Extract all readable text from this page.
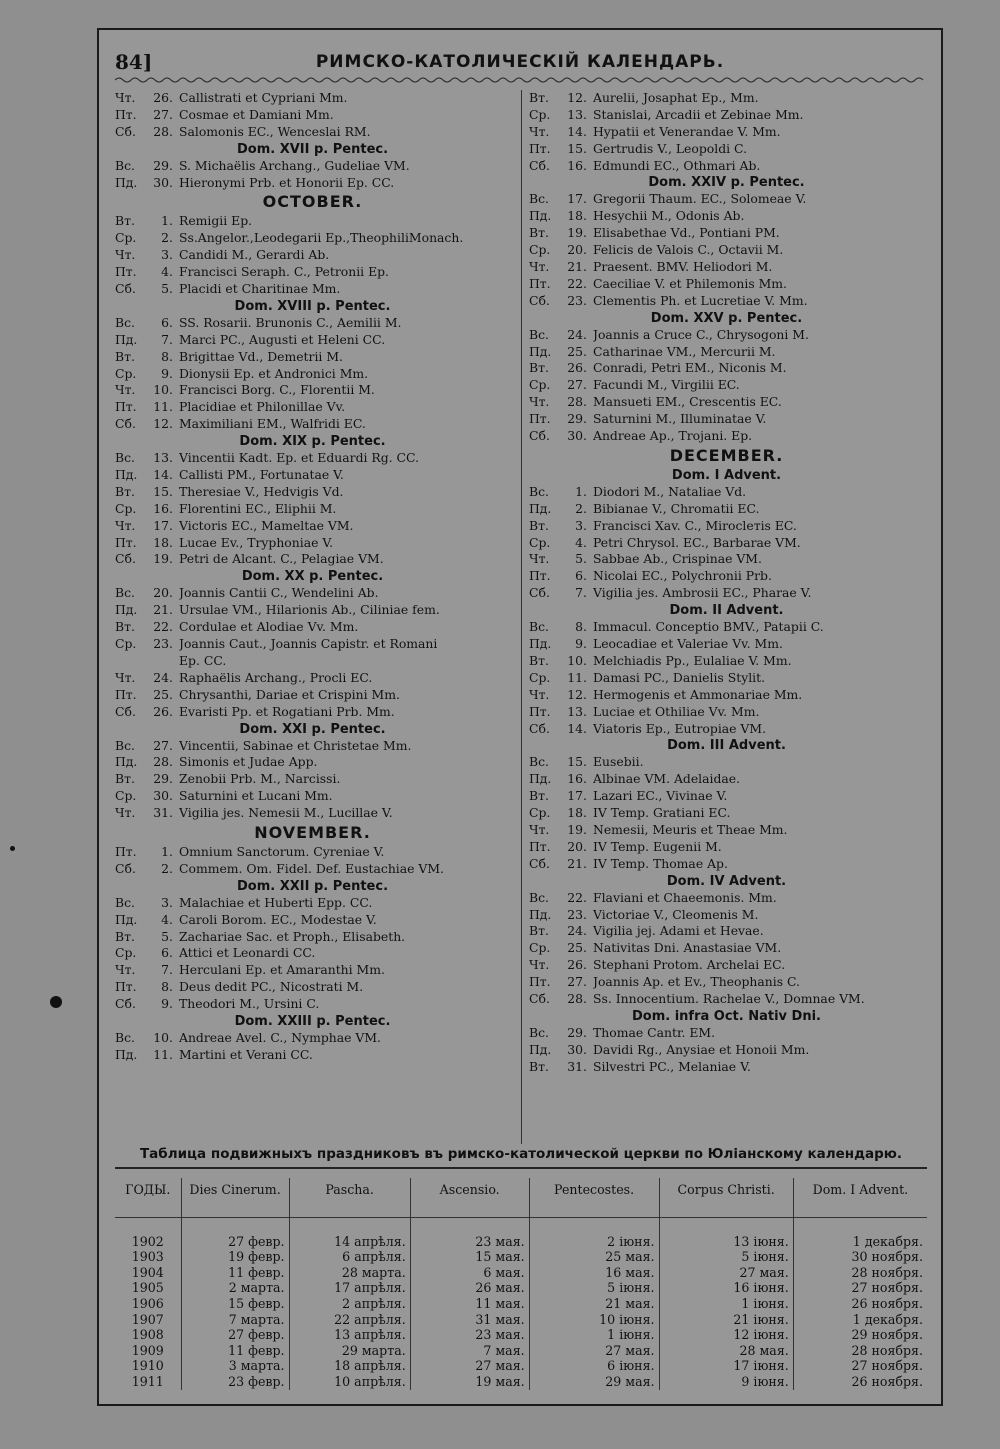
84]	РИМСКО-КАТОЛИЧЕСКІЙ КАЛЕНДАРЬ.
Чт.	26. Callistrati et Cypriani Mm.
Пт.	27. Cosmae et Damiani Mm.
Сб.	28. Salomonis EC., Wenceslai RM.
Dom. XVII p. Pentec.
Вс.	29. S. Michaëlis Archang., Gudeliae VM.
Пд.	30. Hieronymi Prb. et Honorii Ep. CC.
OCTOBER.
Вт.	1. Remigii Ep.
Ср.	2. Ss.Angelor.,Leodegarii Ep.,TheophiliMonach.
Чт.	3. Candidi M., Gerardi Ab.
Пт.	4. Francisci Seraph. C., Petronii Ep.
Сб.	5. Placidi et Charitinae Mm.
Dom. XVIII p. Pentec.
Вс.	6. SS. Rosarii. Brunonis C., Aemilii M.
Пд.	7. Marci PC., Augusti et Heleni CC.
Вт.	8. Brigittae Vd., Demetrii M.
Ср.	9. Dionysii Ep. et Andronici Mm.
Чт.	10. Francisci Borg. C., Florentii M.
Пт.	11. Placidiae et Philonillae Vv.
Сб.	12. Maximiliani EM., Walfridi EC.
Dom. XIX p. Pentec.
Вс.	13. Vincentii Kadt. Ep. et Eduardi Rg. CC.
Пд.	14. Callisti PM., Fortunatae V.
Вт.	15. Theresiae V., Hedvigis Vd.
Ср.	16. Florentini EC., Eliphii M.
Чт.	17. Victoris EC., Mameltae VM.
Пт.	18. Lucae Ev., Tryphoniae V.
Сб.	19. Petri de Alcant. C., Pelagiae VM.
Dom. XX p. Pentec.
Вс.	20. Joannis Cantii C., Wendelini Ab.
Пд.	21. Ursulae VM., Hilarionis Ab., Ciliniae fem.
Вт.	22. Cordulae et Alodiae Vv. Mm.
Ср.	23. Joannis Caut., Joannis Capistr. et Romani
Ep. CC.
Чт.	24. Raphaëlis Archang., Procli EC.
Пт.	25. Chrysanthi, Dariae et Crispini Mm.
Сб.	26. Evaristi Pp. et Rogatiani Prb. Mm.
Dom. XXI p. Pentec.
Вс.	27. Vincentii, Sabinae et Christetae Mm.
Пд.	28. Simonis et Judae App.
Вт.	29. Zenobii Prb. M., Narcissi.
Ср.	30. Saturnini et Lucani Mm.
Чт.	31. Vigilia jes. Nemesii M., Lucillae V.
NOVEMBER.
Пт.	1. Omnium Sanctorum. Cyreniae V.
Сб.	2. Commem. Om. Fidel. Def. Eustachiae VM.
Dom. XXII p. Pentec.
Вс.	3. Malachiae et Huberti Epp. CC.
Пд.	4. Caroli Borom. EC., Modestae V.
Вт.	5. Zachariae Sac. et Proph., Elisabeth.
Ср.	6. Attici et Leonardi CC.
Чт.	7. Herculani Ep. et Amaranthi Mm.
Пт.	8. Deus dedit PC., Nicostrati M.
Сб.	9. Theodori M., Ursini C.
Dom. XXIII p. Pentec.
Вс.	10. Andreae Avel. C., Nymphae VM.
Пд.	11. Martini et Verani CC.
Вт.	12. Aurelii, Josaphat Ep., Mm.
Ср.	13. Stanislai, Arcadii et Zebinae Mm.
Чт.	14. Hypatii et Venerandae V. Mm.
Пт.	15. Gertrudis V., Leopoldi C.
Сб.	16. Edmundi EC., Othmari Ab.
Dom. XXIV p. Pentec.
Вс.	17. Gregorii Thaum. EC., Solomeae V.
Пд.	18. Hesychii M., Odonis Ab.
Вт.	19. Elisabethae Vd., Pontiani PM.
Ср.	20. Felicis de Valois C., Octavii M.
Чт.	21. Praesent. BMV. Heliodori M.
Пт.	22. Caeciliae V. et Philemonis Mm.
Сб.	23. Clementis Ph. et Lucretiae V. Mm.
Dom. XXV p. Pentec.
Вс.	24. Joannis a Cruce C., Chrysogoni M.
Пд.	25. Catharinae VM., Mercurii M.
Вт.	26. Conradi, Petri EM., Niconis M.
Ср.	27. Facundi M., Virgilii EC.
Чт.	28. Mansueti EM., Crescentis EC.
Пт.	29. Saturnini M., Illuminatae V.
Сб.	30. Andreae Ap., Trojani. Ep.
DECEMBER.
Dom. I Advent.
Вс.	1. Diodori M., Nataliae Vd.
Пд.	2. Bibianae V., Chromatii EC.
Вт.	3. Francisci Xav. C., Miroclетis EC.
Ср.	4. Petri Chrysol. EC., Barbarae VM.
Чт.	5. Sabbae Ab., Crispinae VM.
Пт.	6. Nicolai EC., Polychronii Prb.
Сб.	7. Vigilia jes. Ambrosii EC., Pharae V.
Dom. II Advent.
Вс.	8. Immacul. Conceptio BMV., Patapii C.
Пд.	9. Leocadiae et Valeriae Vv. Mm.
Вт.	10. Melchiadis Pp., Eulaliae V. Mm.
Ср.	11. Damasi PC., Danielis Stylit.
Чт.	12. Hermogenis et Ammonariae Mm.
Пт.	13. Luciae et Othiliae Vv. Mm.
Сб.	14. Viatoris Ep., Eutropiae VM.
Dom. III Advent.
Вс.	15. Eusebii.
Пд.	16. Albinae VM. Adelaidae.
Вт.	17. Lazari EC., Vivinae V.
Ср.	18. IV Temp. Gratiani EC.
Чт.	19. Nemesii, Meuris et Theae Mm.
Пт.	20. IV Temp. Eugenii M.
Сб.	21. IV Temp. Thomae Ap.
Dom. IV Advent.
Вс.	22. Flaviani et Chaeemonis. Mm.
Пд.	23. Victoriae V., Cleomenis M.
Вт.	24. Vigilia jej. Adami et Hevae.
Ср.	25. Nativitas Dni. Anastasiae VM.
Чт.	26. Stephani Protom. Archelai EC.
Пт.	27. Joannis Ap. et Ev., Theophanis C.
Сб.	28. Ss. Innocentium. Rachelae V., Domnae VM.
Dom. infra Oct. Nativ Dni.
Вс.	29. Thomae Cantr. EM.
Пд.	30. Davidi Rg., Anysiae et Honoii Mm.
Вт.	31. Silvestri PC., Melaniae V.
Таблица подвижныхъ праздниковъ въ римско-католической церкви по Юліанскому календарю.
ГОДЫ.	Dies Cinerum.	Pascha.	Ascensio.	Pentecostes.	Corpus Christi.	Dom. I Advent.

1902	27 февр.	14 апрѣля.	23 мая.	2 іюня.	13 іюня.	1 декабря.
1903	19 февр.	6 апрѣля.	15 мая.	25 мая.	5 іюня.	30 ноября.
1904	11 февр.	28 марта.	6 мая.	16 мая.	27 мая.	28 ноября.
1905	2 марта.	17 апрѣля.	26 мая.	5 іюня.	16 іюня.	27 ноября.
1906	15 февр.	2 апрѣля.	11 мая.	21 мая.	1 іюня.	26 ноября.
1907	7 марта.	22 апрѣля.	31 мая.	10 іюня.	21 іюня.	1 декабря.
1908	27 февр.	13 апрѣля.	23 мая.	1 іюня.	12 іюня.	29 ноября.
1909	11 февр.	29 марта.	7 мая.	27 мая.	28 мая.	28 ноября.
1910	3 марта.	18 апрѣля.	27 мая.	6 іюня.	17 іюня.	27 ноября.
1911	23 февр.	10 апрѣля.	19 мая.	29 мая.	9 іюня.	26 ноября.
